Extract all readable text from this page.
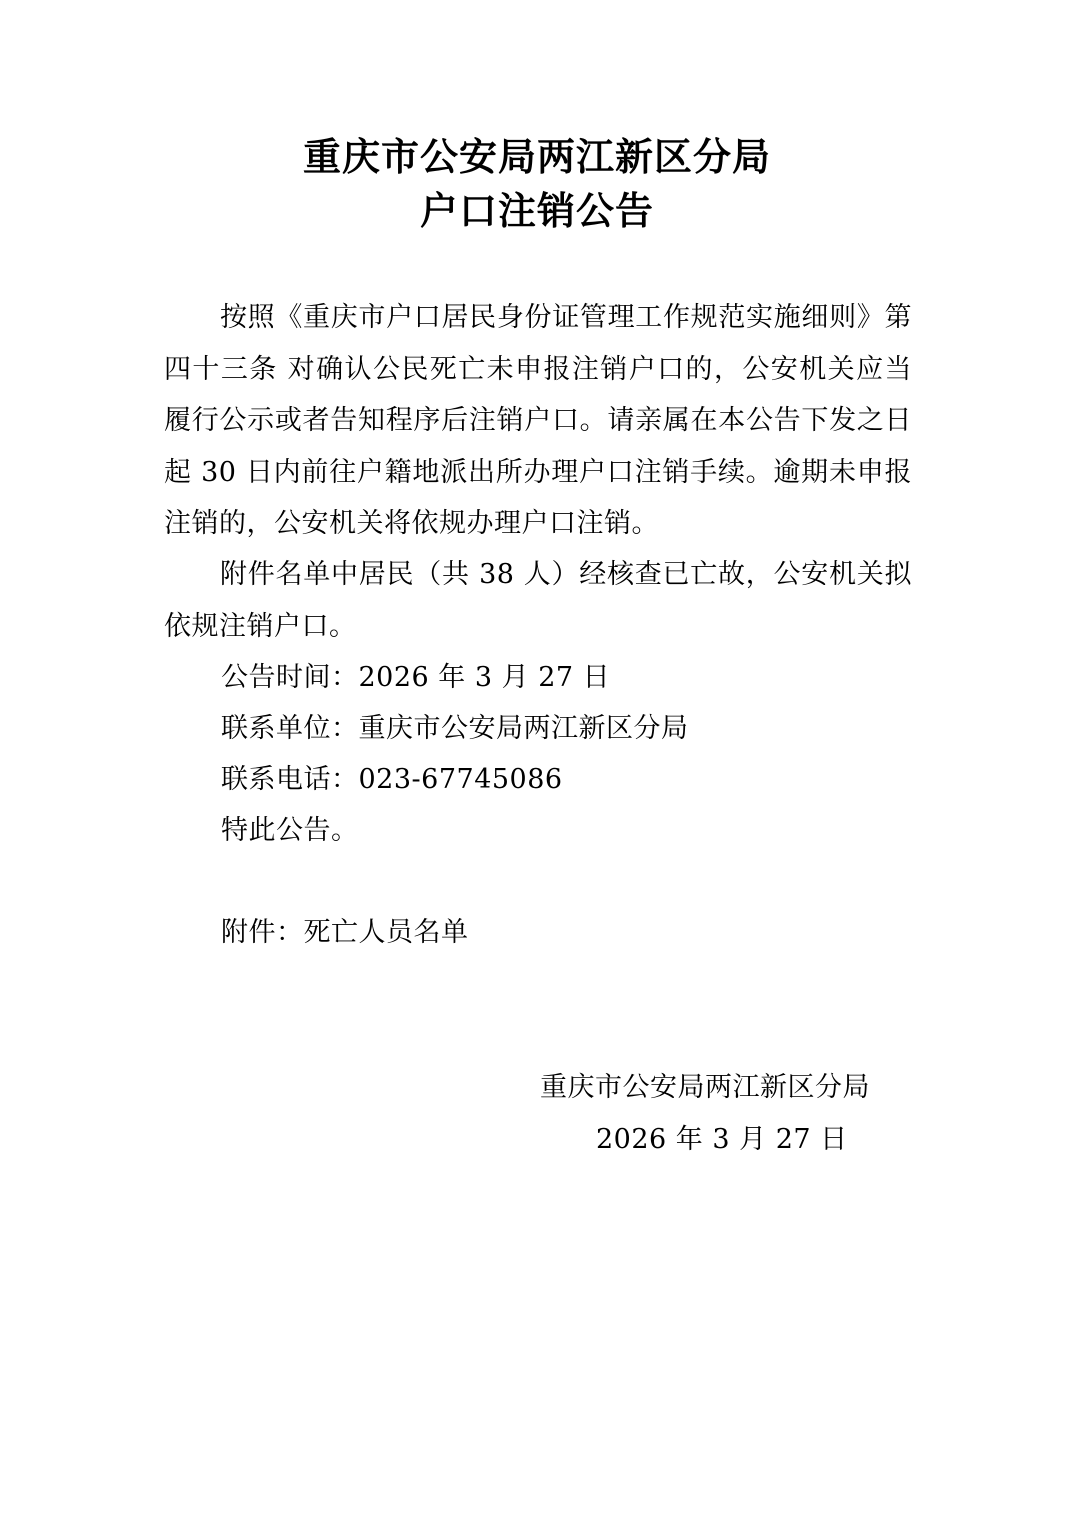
重庆市公安局两江新区分局
户口注销公告
按照《重庆市户口居民身份证管理工作规范实施细则》第四十三条 对确认公民死亡未申报注销户口的，公安机关应当履行公示或者告知程序后注销户口。请亲属在本公告下发之日起 30 日内前往户籍地派出所办理户口注销手续。逾期未申报注销的，公安机关将依规办理户口注销。
附件名单中居民（共 38 人）经核查已亡故，公安机关拟依规注销户口。
公告时间：2026 年 3 月 27 日
联系单位：重庆市公安局两江新区分局
联系电话：023-67745086
特此公告。
附件：死亡人员名单
重庆市公安局两江新区分局
2026 年 3 月 27 日
